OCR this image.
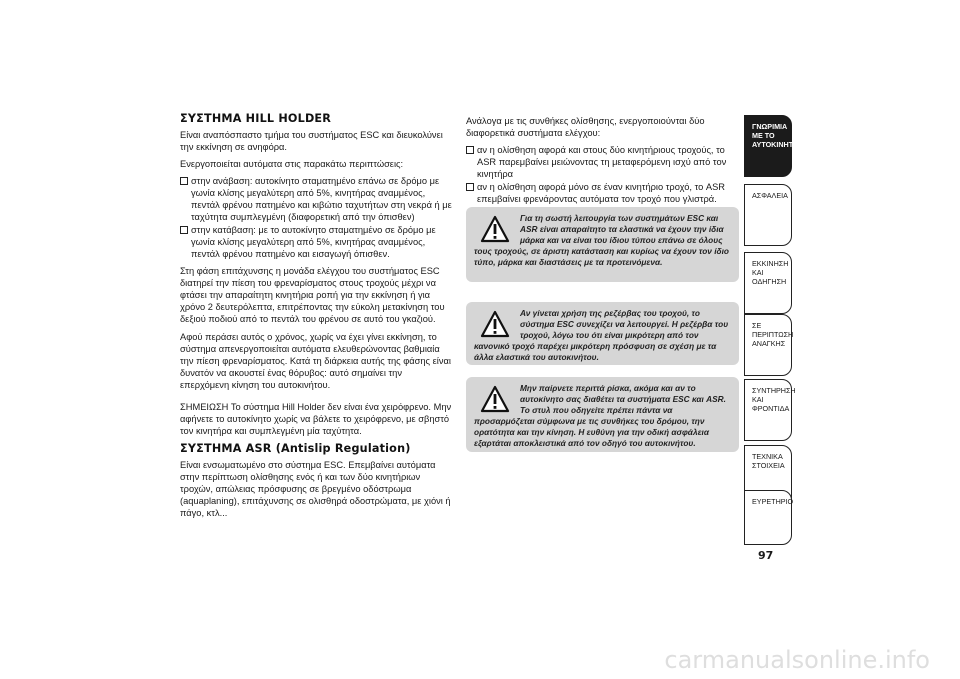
ΣΥΣΤΗΜΑ HILL HOLDER

Είναι αναπόσπαστο τμήμα του συστήματος ESC και διευκολύνει την εκκίνηση σε ανηφόρα.

Ενεργοποιείται αυτόματα στις παρακάτω περιπτώσεις:

στην ανάβαση: αυτοκίνητο σταματημένο επάνω σε δρόμο με γωνία κλίσης μεγαλύτερη από 5%, κινητήρας αναμμένος, πεντάλ φρένου πατημένο και κιβώτιο ταχυτήτων στη νεκρά ή με ταχύτητα συμπλεγμένη (διαφορετική από την όπισθεν)
στην κατάβαση: με το αυτοκίνητο σταματημένο σε δρόμο με γωνία κλίσης μεγαλύτερη από 5%, κινητήρας αναμμένος, πεντάλ φρένου πατημένο και εισαγωγή όπισθεν.

Στη φάση επιτάχυνσης η μονάδα ελέγχου του συστήματος ESC διατηρεί την πίεση του φρεναρίσματος στους τροχούς μέχρι να φτάσει την απαραίτητη κινητήρια ροπή για την εκκίνηση ή για χρόνο 2 δευτερόλεπτα, επιτρέποντας την εύκολη μετακίνηση του δεξιού ποδιού από το πεντάλ του φρένου σε αυτό του γκαζιού.

Αφού περάσει αυτός ο χρόνος, χωρίς να έχει γίνει εκκίνηση, το σύστημα απενεργοποιείται αυτόματα ελευθερώνοντας βαθμιαία την πίεση φρεναρίσματος. Κατά τη διάρκεια αυτής της φάσης είναι δυνατόν να ακουστεί ένας θόρυβος: αυτό σημαίνει την επερχόμενη κίνηση του αυτοκινήτου.

ΣΗΜΕΙΩΣΗ Το σύστημα Hill Holder δεν είναι ένα χειρόφρενο. Μην αφήνετε το αυτοκίνητο χωρίς να βάλετε το χειρόφρενο, με σβηστό τον κινητήρα και συμπλεγμένη μία ταχύτητα.

ΣΥΣΤΗΜΑ ASR (Antislip Regulation)

Είναι ενσωματωμένο στο σύστημα ESC. Επεμβαίνει αυτόματα στην περίπτωση ολίσθησης ενός ή και των δύο κινητήριων τροχών, απώλειας πρόσφυσης σε βρεγμένο οδόστρωμα (aquaplaning), επιτάχυνσης σε ολισθηρά οδοστρώματα, με χιόνι ή πάγο, κτλ...

Ανάλογα με τις συνθήκες ολίσθησης, ενεργοποιούνται δύο διαφορετικά συστήματα ελέγχου:

αν η ολίσθηση αφορά και στους δύο κινητήριους τροχούς, το ASR παρεμβαίνει μειώνοντας τη μεταφερόμενη ισχύ από τον κινητήρα
αν η ολίσθηση αφορά μόνο σε έναν κινητήριο τροχό, το ASR επεμβαίνει φρενάροντας αυτόματα τον τροχό που γλιστρά.
Για τη σωστή λειτουργία των συστημάτων ESC και ASR είναι απαραίτητο τα ελαστικά να έχουν την ίδια μάρκα και να είναι του ίδιου τύπου επάνω σε όλους τους τροχούς, σε άριστη κατάσταση και κυρίως να έχουν τον ίδιο τύπο, μάρκα και διαστάσεις με τα προτεινόμενα.
Αν γίνεται χρήση της ρεζέρβας του τροχού, το σύστημα ESC συνεχίζει να λειτουργεί. Η ρεζέρβα του τροχού, λόγω του ότι είναι μικρότερη από τον κανονικό τροχό παρέχει μικρότερη πρόσφυση σε σχέση με τα άλλα ελαστικά του αυτοκινήτου.
Μην παίρνετε περιττά ρίσκα, ακόμα και αν το αυτοκίνητο σας διαθέτει τα συστήματα ESC και ASR. Το στυλ που οδηγείτε πρέπει πάντα να προσαρμόζεται σύμφωνα με τις συνθήκες του δρόμου, την ορατότητα και την κίνηση. Η ευθύνη για την οδική ασφάλεια εξαρτάται αποκλειστικά από τον οδηγό του αυτοκινήτου.
ΓΝΩΡΙΜΙΑ ΜΕ ΤΟ ΑΥΤΟΚΙΝΗΤΟ
ΑΣΦΑΛΕΙΑ
ΕΚΚΙΝΗΣΗ ΚΑΙ ΟΔΗΓΗΣΗ
ΣΕ ΠΕΡΙΠΤΩΣΗ ΑΝΑΓΚΗΣ
ΣΥΝΤΗΡΗΣΗ ΚΑΙ ΦΡΟΝΤΙΔΑ
ΤΕΧΝΙΚΑ ΣΤΟΙΧΕΙΑ
ΕΥΡΕΤΗΡΙΟ
97
carmanualsonline.info
